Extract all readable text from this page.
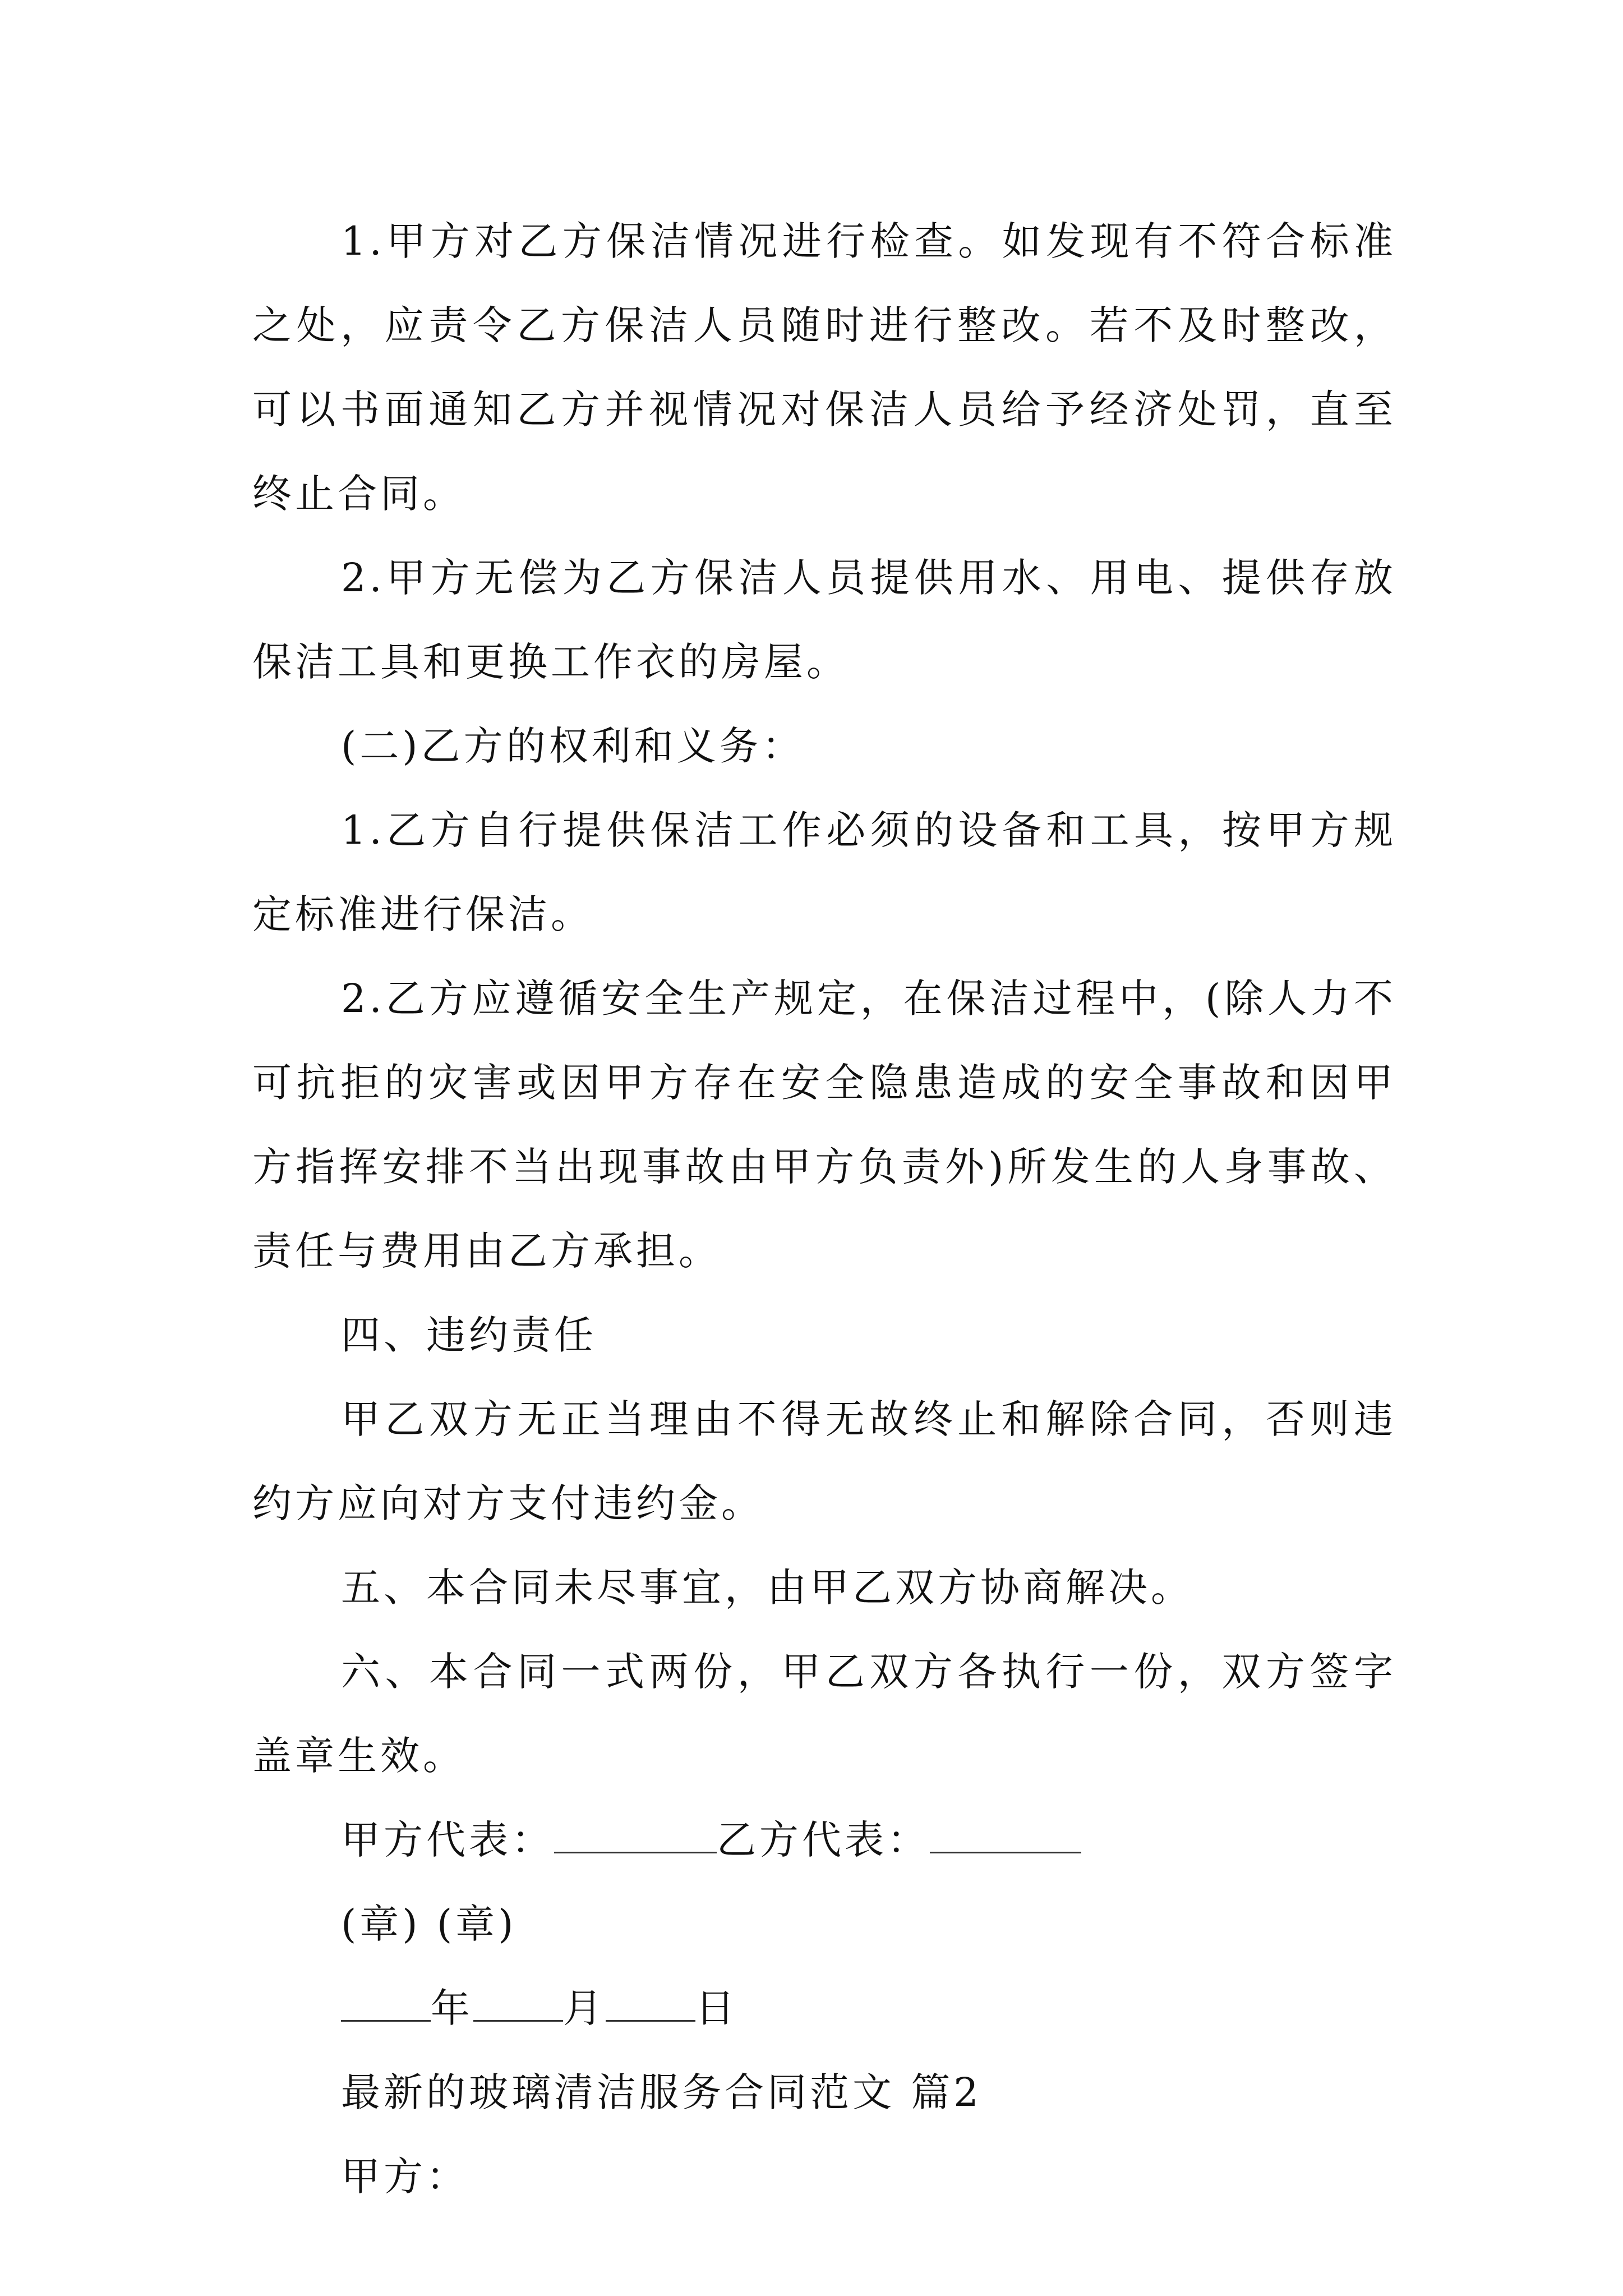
1.甲方对乙方保洁情况进行检查。如发现有不符合标准之处，应责令乙方保洁人员随时进行整改。若不及时整改，可以书面通知乙方并视情况对保洁人员给予经济处罚，直至终止合同。

2.甲方无偿为乙方保洁人员提供用水、用电、提供存放保洁工具和更换工作衣的房屋。

(二)乙方的权利和义务：

1.乙方自行提供保洁工作必须的设备和工具，按甲方规定标准进行保洁。

2.乙方应遵循安全生产规定，在保洁过程中，(除人力不可抗拒的灾害或因甲方存在安全隐患造成的安全事故和因甲方指挥安排不当出现事故由甲方负责外)所发生的人身事故、责任与费用由乙方承担。

四、违约责任

甲乙双方无正当理由不得无故终止和解除合同，否则违约方应向对方支付违约金。

五、本合同未尽事宜，由甲乙双方协商解决。

六、本合同一式两份，甲乙双方各执行一份，双方签字盖章生效。

甲方代表：	乙方代表：

(章) (章)

年 月 日

最新的玻璃清洁服务合同范文 篇2

甲方：
